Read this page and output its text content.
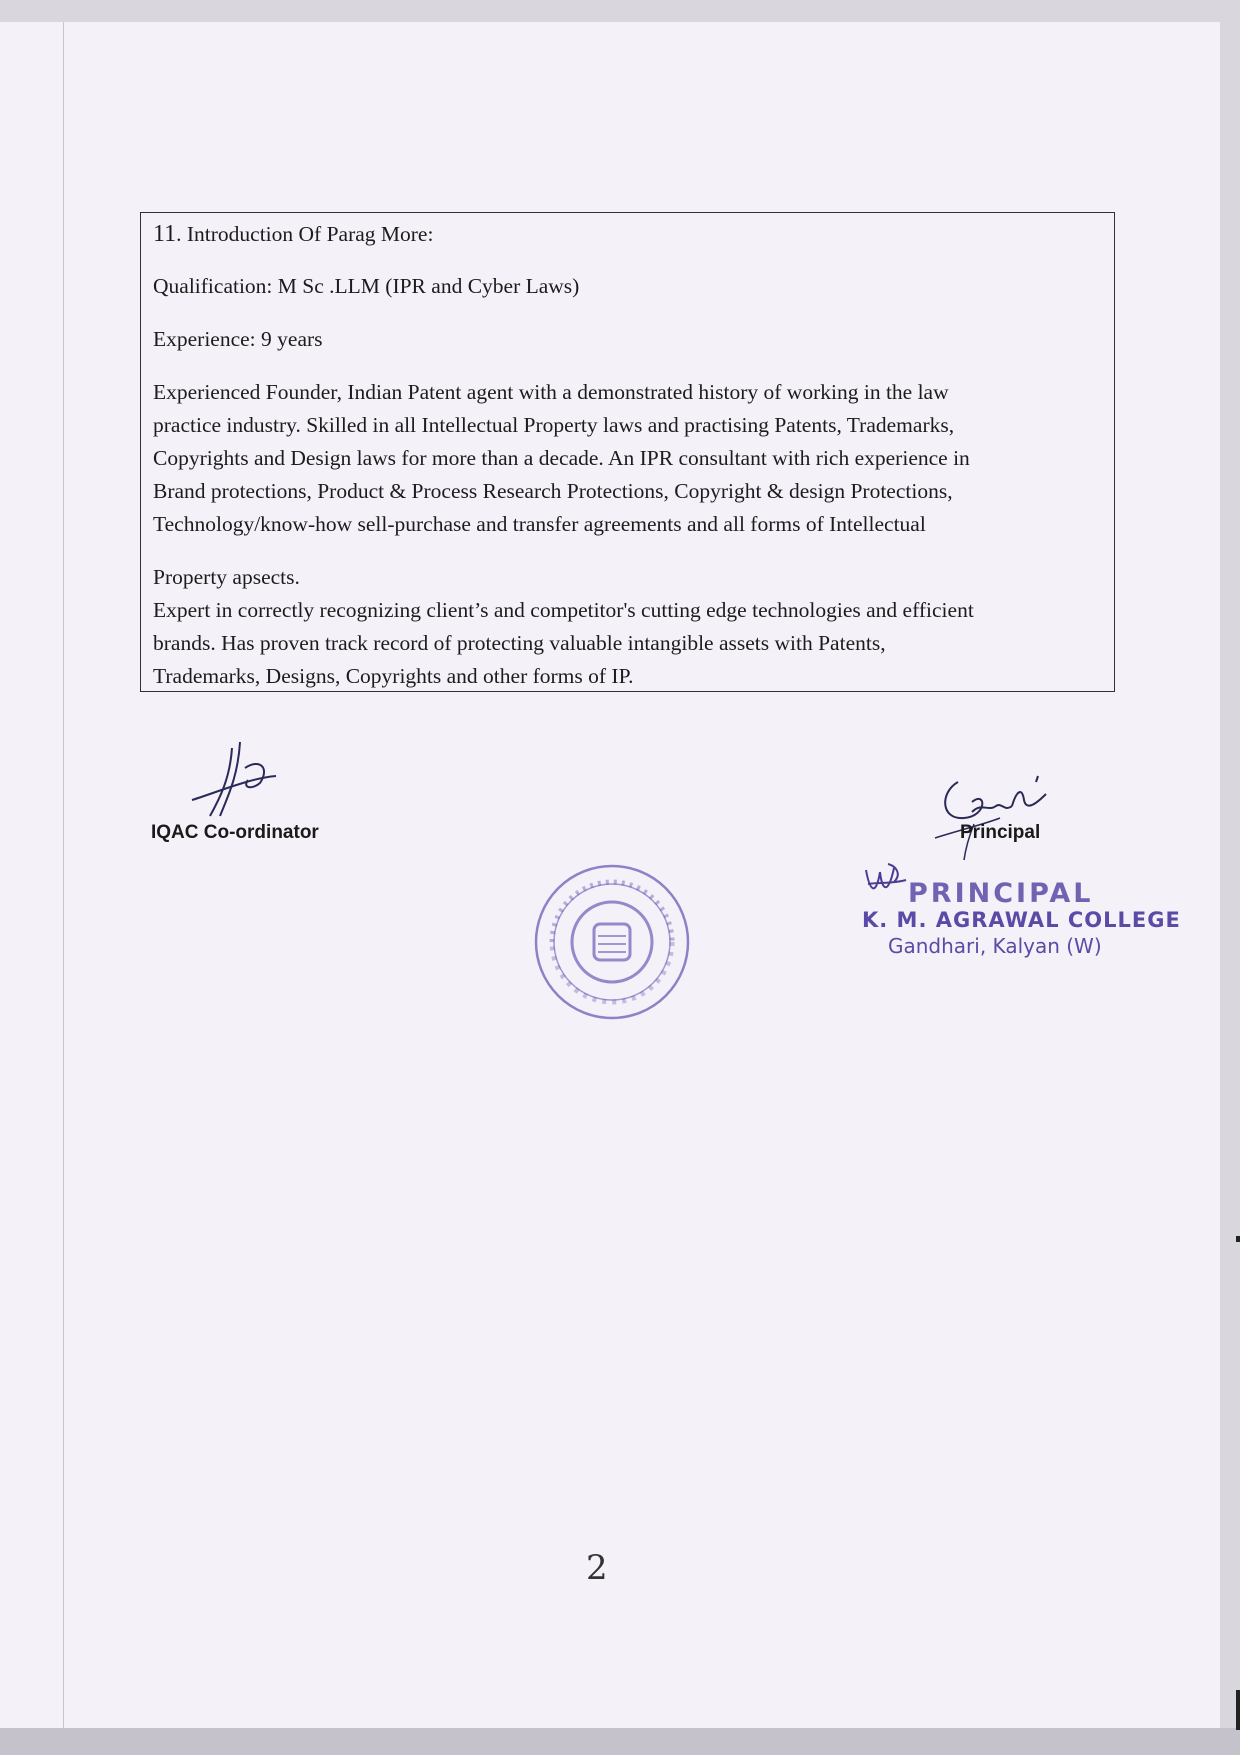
11. Introduction Of Parag More:

Qualification: M Sc .LLM (IPR and Cyber Laws)

Experience: 9 years

Experienced Founder, Indian Patent agent with a demonstrated history of working in the law

practice industry. Skilled in all Intellectual Property laws and practising Patents, Trademarks,

Copyrights and Design laws for more than a decade. An IPR consultant with rich experience in

Brand protections, Product & Process Research Protections, Copyright & design Protections,

Technology/know-how sell-purchase and transfer agreements and all forms of Intellectual

Property apsects.

Expert in correctly recognizing client’s and competitor's cutting edge technologies and efficient

brands. Has proven track record of protecting valuable intangible assets with Patents,

Trademarks, Designs, Copyrights and other forms of IP.

IQAC Co-ordinator	Principal
PRINCIPAL
K. M. AGRAWAL COLLEGE
Gandhari, Kalyan (W)
2
